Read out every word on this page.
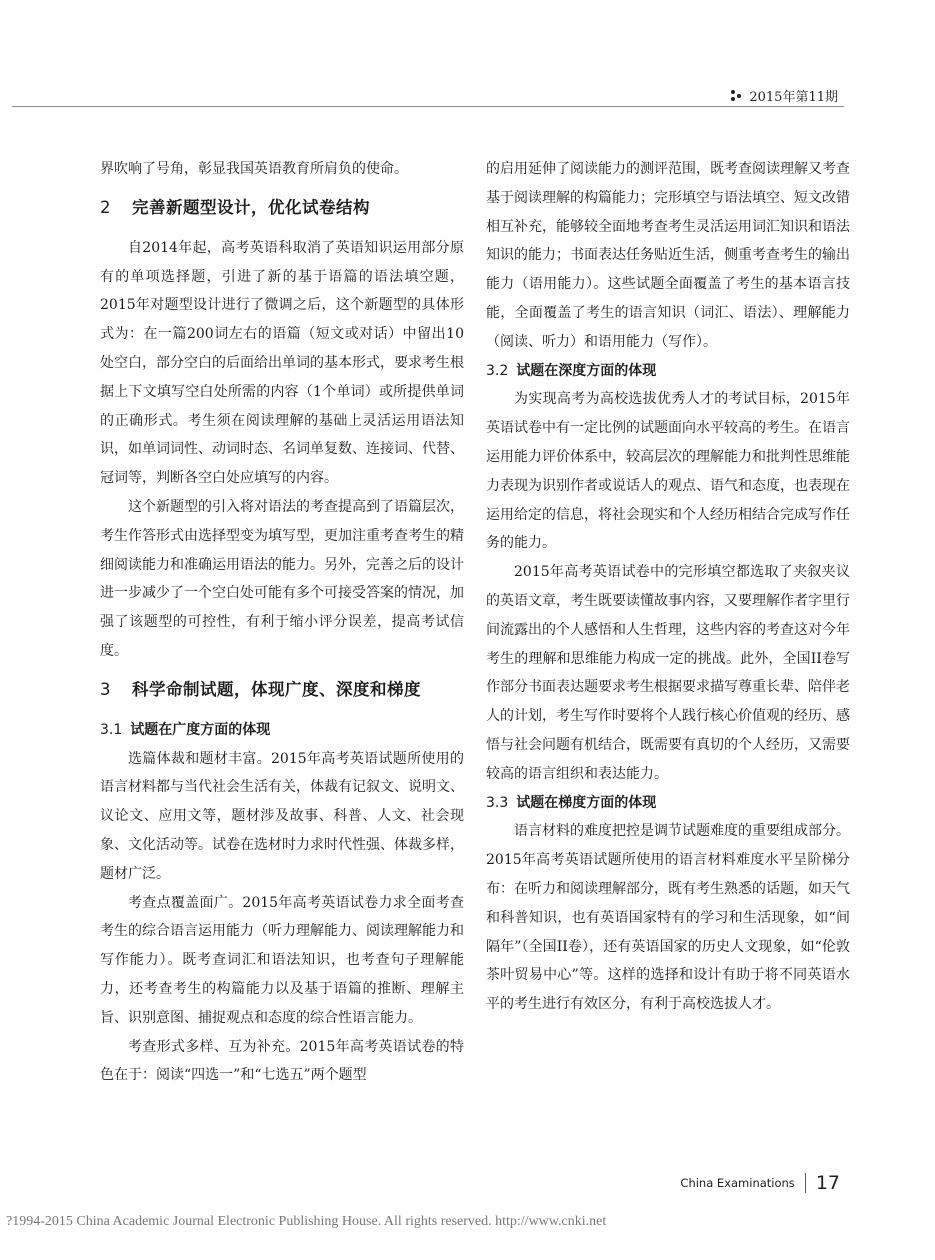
2015年第11期

界吹响了号角，彰显我国英语教育所肩负的使命。

2 完善新题型设计，优化试卷结构

自2014年起，高考英语科取消了英语知识运用部分原有的单项选择题，引进了新的基于语篇的语法填空题，2015年对题型设计进行了微调之后，这个新题型的具体形式为：在一篇200词左右的语篇（短文或对话）中留出10处空白，部分空白的后面给出单词的基本形式，要求考生根据上下文填写空白处所需的内容（1个单词）或所提供单词的正确形式。考生须在阅读理解的基础上灵活运用语法知识，如单词词性、动词时态、名词单复数、连接词、代替、冠词等，判断各空白处应填写的内容。

这个新题型的引入将对语法的考查提高到了语篇层次，考生作答形式由选择型变为填写型，更加注重考查考生的精细阅读能力和准确运用语法的能力。另外，完善之后的设计进一步减少了一个空白处可能有多个可接受答案的情况，加强了该题型的可控性，有利于缩小评分误差，提高考试信度。

3 科学命制试题，体现广度、深度和梯度
3.1 试题在广度方面的体现

选篇体裁和题材丰富。2015年高考英语试题所使用的语言材料都与当代社会生活有关，体裁有记叙文、说明文、议论文、应用文等，题材涉及故事、科普、人文、社会现象、文化活动等。试卷在选材时力求时代性强、体裁多样，题材广泛。

考查点覆盖面广。2015年高考英语试卷力求全面考查考生的综合语言运用能力（听力理解能力、阅读理解能力和写作能力）。既考查词汇和语法知识，也考查句子理解能力，还考查考生的构篇能力以及基于语篇的推断、理解主旨、识别意图、捕捉观点和态度的综合性语言能力。

考查形式多样、互为补充。2015年高考英语试卷的特色在于：阅读“四选一”和“七选五”两个题型

的启用延伸了阅读能力的测评范围，既考查阅读理解又考查基于阅读理解的构篇能力；完形填空与语法填空、短文改错相互补充，能够较全面地考查考生灵活运用词汇知识和语法知识的能力；书面表达任务贴近生活，侧重考查考生的输出能力（语用能力）。这些试题全面覆盖了考生的基本语言技能，全面覆盖了考生的语言知识（词汇、语法）、理解能力（阅读、听力）和语用能力（写作）。

3.2 试题在深度方面的体现

为实现高考为高校选拔优秀人才的考试目标，2015年英语试卷中有一定比例的试题面向水平较高的考生。在语言运用能力评价体系中，较高层次的理解能力和批判性思维能力表现为识别作者或说话人的观点、语气和态度，也表现在运用给定的信息，将社会现实和个人经历相结合完成写作任务的能力。

2015年高考英语试卷中的完形填空都选取了夹叙夹议的英语文章，考生既要读懂故事内容，又要理解作者字里行间流露出的个人感悟和人生哲理，这些内容的考查这对今年考生的理解和思维能力构成一定的挑战。此外，全国II卷写作部分书面表达题要求考生根据要求描写尊重长辈、陪伴老人的计划，考生写作时要将个人践行核心价值观的经历、感悟与社会问题有机结合，既需要有真切的个人经历，又需要较高的语言组织和表达能力。

3.3 试题在梯度方面的体现

语言材料的难度把控是调节试题难度的重要组成部分。2015年高考英语试题所使用的语言材料难度水平呈阶梯分布：在听力和阅读理解部分，既有考生熟悉的话题，如天气和科普知识，也有英语国家特有的学习和生活现象，如“间隔年”（全国II卷），还有英语国家的历史人文现象，如“伦敦茶叶贸易中心”等。这样的选择和设计有助于将不同英语水平的考生进行有效区分，有利于高校选拔人才。

China Examinations	17
?1994-2015 China Academic Journal Electronic Publishing House. All rights reserved. http://www.cnki.net
